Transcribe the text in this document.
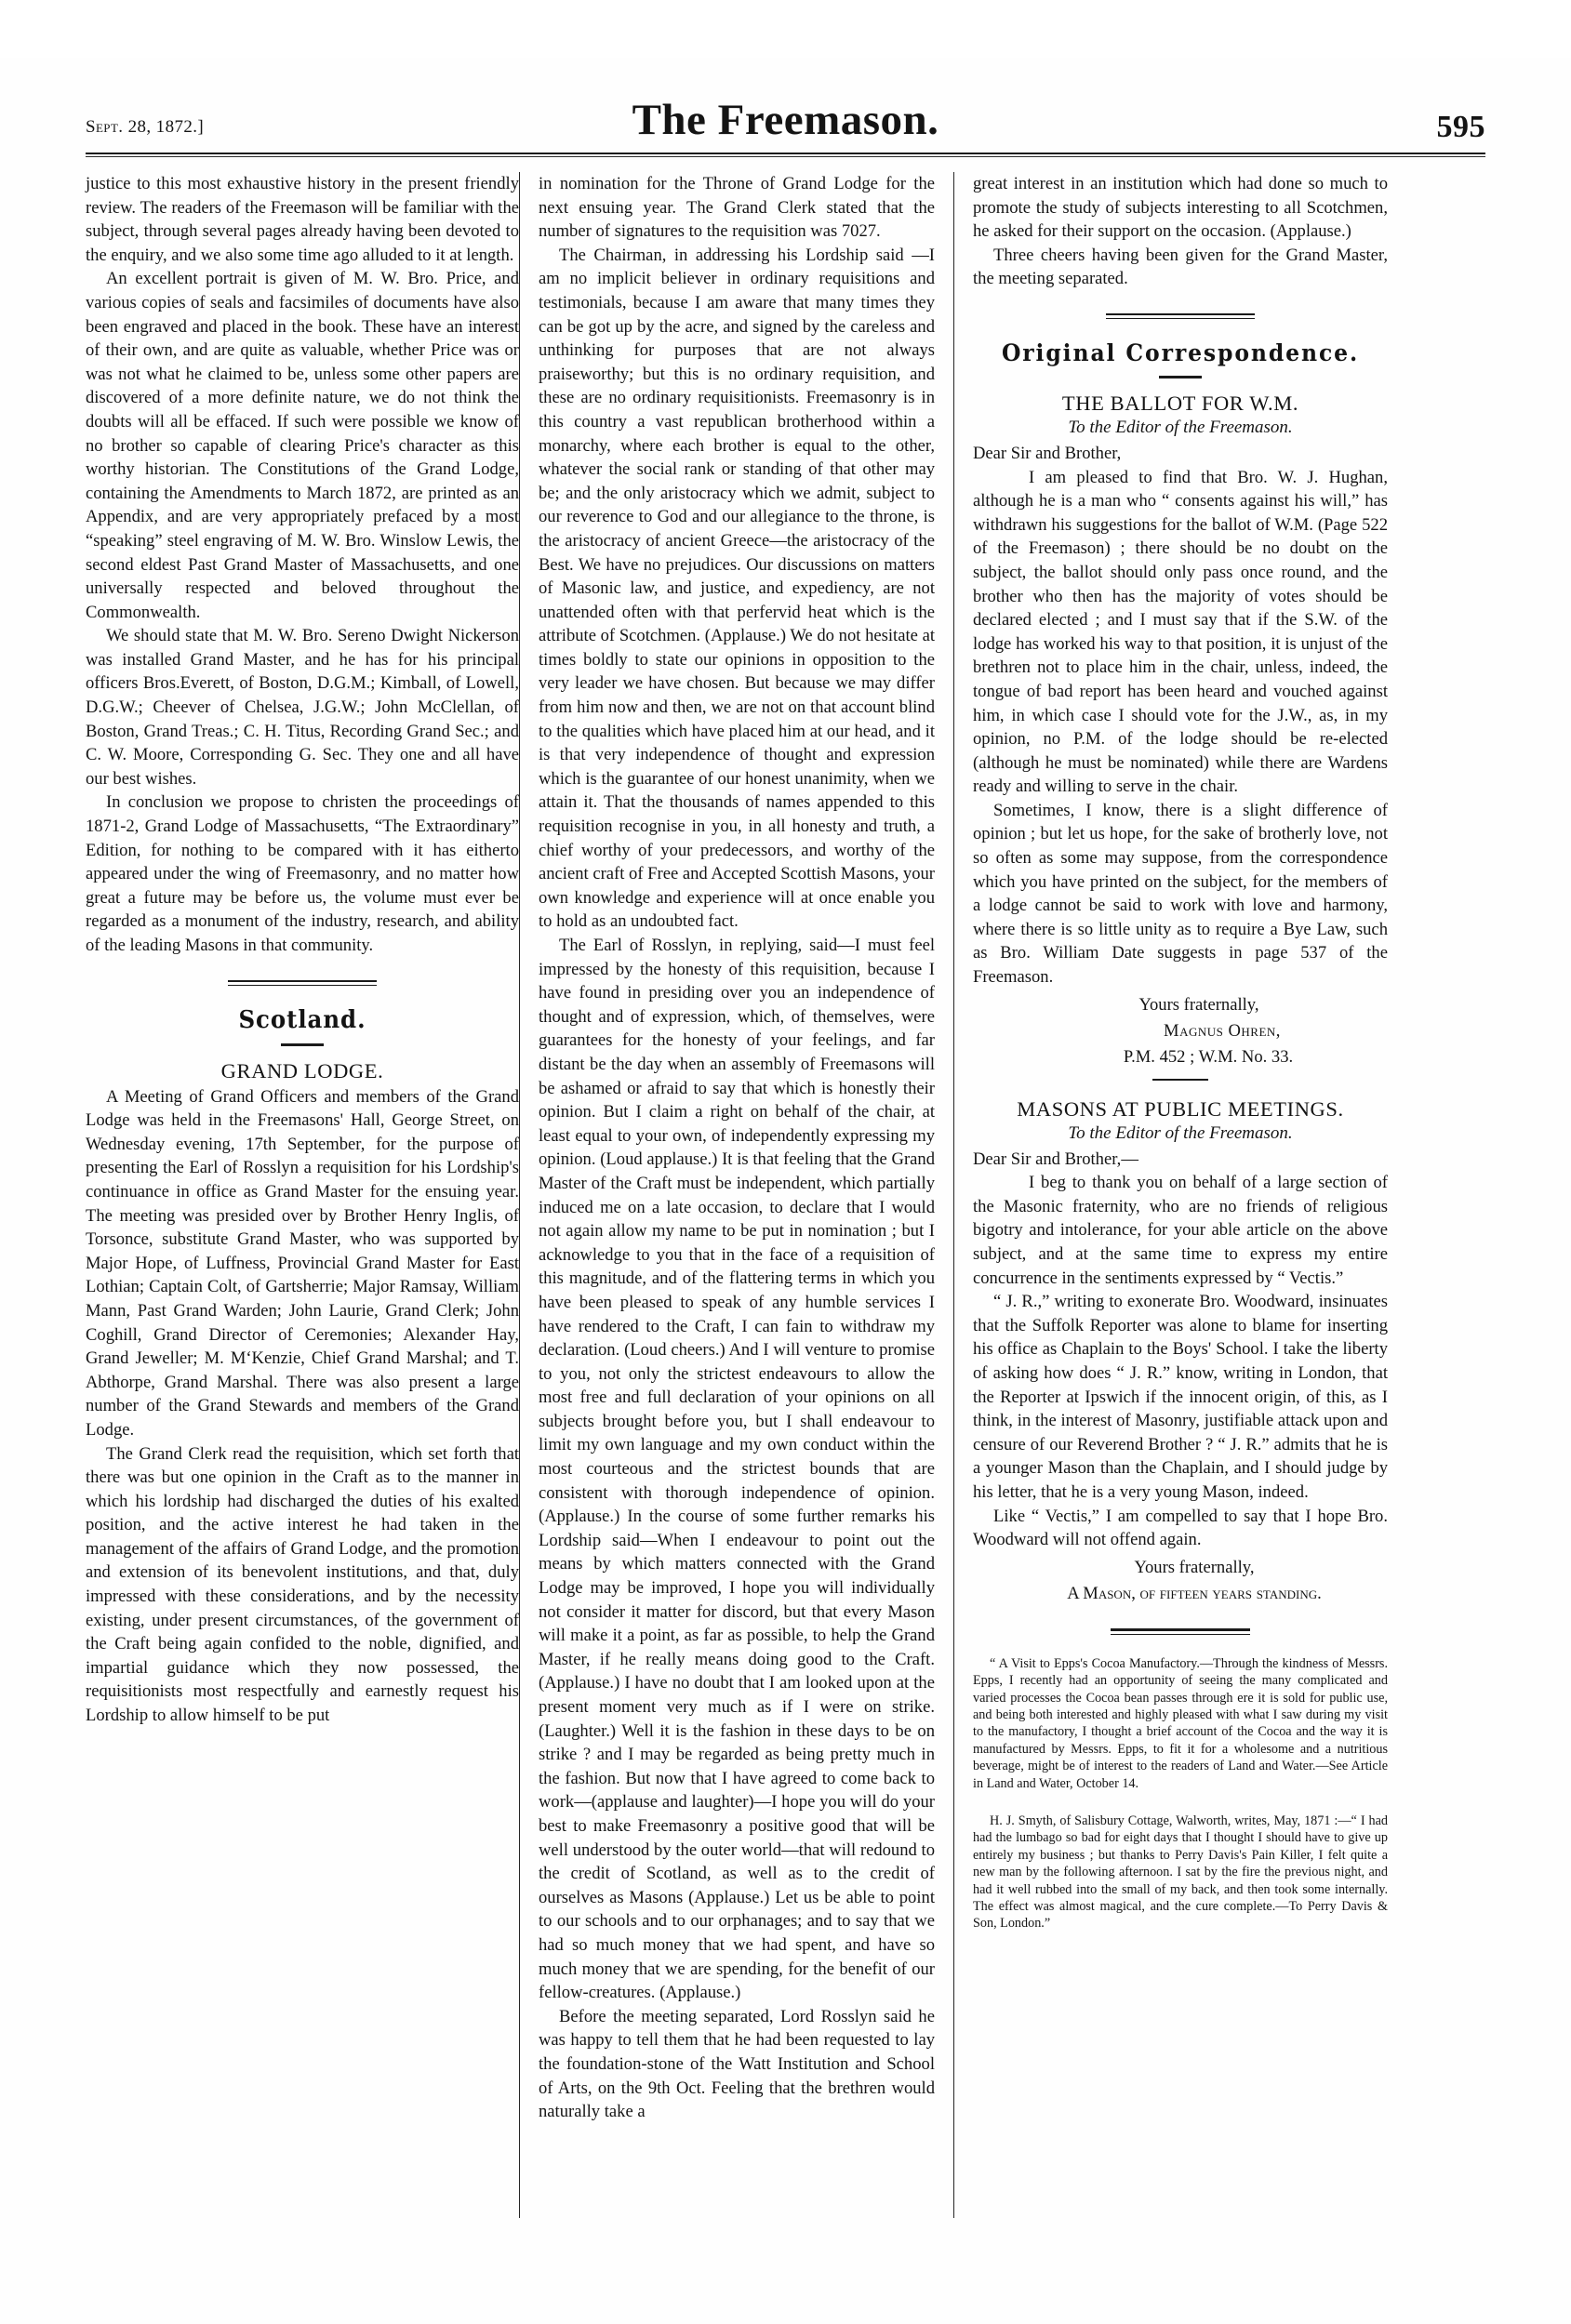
Sept. 28, 1872.]	The Freemason.	595

justice to this most exhaustive history in the present friendly review. The readers of the Freemason will be familiar with the subject, through several pages already having been devoted to the enquiry, and we also some time ago alluded to it at length.

An excellent portrait is given of M. W. Bro. Price, and various copies of seals and facsimiles of documents have also been engraved and placed in the book. These have an interest of their own, and are quite as valuable, whether Price was or was not what he claimed to be, unless some other papers are discovered of a more definite nature, we do not think the doubts will all be effaced. If such were possible we know of no brother so capable of clearing Price's character as this worthy historian. The Constitutions of the Grand Lodge, containing the Amendments to March 1872, are printed as an Appendix, and are very appropriately prefaced by a most “speaking” steel engraving of M. W. Bro. Winslow Lewis, the second eldest Past Grand Master of Massachusetts, and one universally respected and beloved throughout the Commonwealth.

We should state that M. W. Bro. Sereno Dwight Nickerson was installed Grand Master, and he has for his principal officers Bros.Everett, of Boston, D.G.M.; Kimball, of Lowell, D.G.W.; Cheever of Chelsea, J.G.W.; John McClellan, of Boston, Grand Treas.; C. H. Titus, Recording Grand Sec.; and C. W. Moore, Corresponding G. Sec. They one and all have our best wishes.

In conclusion we propose to christen the proceedings of 1871-2, Grand Lodge of Massachusetts, “The Extraordinary” Edition, for nothing to be compared with it has eitherto appeared under the wing of Freemasonry, and no matter how great a future may be before us, the volume must ever be regarded as a monument of the industry, research, and ability of the leading Masons in that community.

Scotland.
GRAND LODGE.

A Meeting of Grand Officers and members of the Grand Lodge was held in the Freemasons' Hall, George Street, on Wednesday evening, 17th September, for the purpose of presenting the Earl of Rosslyn a requisition for his Lordship's continuance in office as Grand Master for the ensuing year. The meeting was presided over by Brother Henry Inglis, of Torsonce, substitute Grand Master, who was supported by Major Hope, of Luffness, Provincial Grand Master for East Lothian; Captain Colt, of Gartsherrie; Major Ramsay, William Mann, Past Grand Warden; John Laurie, Grand Clerk; John Coghill, Grand Director of Ceremonies; Alexander Hay, Grand Jeweller; M. M‘Kenzie, Chief Grand Marshal; and T. Abthorpe, Grand Marshal. There was also present a large number of the Grand Stewards and members of the Grand Lodge.

The Grand Clerk read the requisition, which set forth that there was but one opinion in the Craft as to the manner in which his lordship had discharged the duties of his exalted position, and the active interest he had taken in the management of the affairs of Grand Lodge, and the promotion and extension of its benevolent institutions, and that, duly impressed with these considerations, and by the necessity existing, under present circumstances, of the government of the Craft being again confided to the noble, dignified, and impartial guidance which they now possessed, the requisitionists most respectfully and earnestly request his Lordship to allow himself to be put

in nomination for the Throne of Grand Lodge for the next ensuing year. The Grand Clerk stated that the number of signatures to the requisition was 7027.

The Chairman, in addressing his Lordship said —I am no implicit believer in ordinary requisitions and testimonials, because I am aware that many times they can be got up by the acre, and signed by the careless and unthinking for purposes that are not always praiseworthy; but this is no ordinary requisition, and these are no ordinary requisitionists. Freemasonry is in this country a vast republican brotherhood within a monarchy, where each brother is equal to the other, whatever the social rank or standing of that other may be; and the only aristocracy which we admit, subject to our reverence to God and our allegiance to the throne, is the aristocracy of ancient Greece—the aristocracy of the Best. We have no prejudices. Our discussions on matters of Masonic law, and justice, and expediency, are not unattended often with that perfervid heat which is the attribute of Scotchmen. (Applause.) We do not hesitate at times boldly to state our opinions in opposition to the very leader we have chosen. But because we may differ from him now and then, we are not on that account blind to the qualities which have placed him at our head, and it is that very independence of thought and expression which is the guarantee of our honest unanimity, when we attain it. That the thousands of names appended to this requisition recognise in you, in all honesty and truth, a chief worthy of your predecessors, and worthy of the ancient craft of Free and Accepted Scottish Masons, your own knowledge and experience will at once enable you to hold as an undoubted fact.

The Earl of Rosslyn, in replying, said—I must feel impressed by the honesty of this requisition, because I have found in presiding over you an independence of thought and of expression, which, of themselves, were guarantees for the honesty of your feelings, and far distant be the day when an assembly of Freemasons will be ashamed or afraid to say that which is honestly their opinion. But I claim a right on behalf of the chair, at least equal to your own, of independently expressing my opinion. (Loud applause.) It is that feeling that the Grand Master of the Craft must be independent, which partially induced me on a late occasion, to declare that I would not again allow my name to be put in nomination ; but I acknowledge to you that in the face of a requisition of this magnitude, and of the flattering terms in which you have been pleased to speak of any humble services I have rendered to the Craft, I can fain to withdraw my declaration. (Loud cheers.) And I will venture to promise to you, not only the strictest endeavours to allow the most free and full declaration of your opinions on all subjects brought before you, but I shall endeavour to limit my own language and my own conduct within the most courteous and the strictest bounds that are consistent with thorough independence of opinion. (Applause.) In the course of some further remarks his Lordship said—When I endeavour to point out the means by which matters connected with the Grand Lodge may be improved, I hope you will individually not consider it matter for discord, but that every Mason will make it a point, as far as possible, to help the Grand Master, if he really means doing good to the Craft. (Applause.) I have no doubt that I am looked upon at the present moment very much as if I were on strike. (Laughter.) Well it is the fashion in these days to be on strike ? and I may be regarded as being pretty much in the fashion. But now that I have agreed to come back to work—(applause and laughter)—I hope you will do your best to make Freemasonry a positive good that will be well understood by the outer world—that will redound to the credit of Scotland, as well as to the credit of ourselves as Masons (Applause.) Let us be able to point to our schools and to our orphanages; and to say that we had so much money that we had spent, and have so much money that we are spending, for the benefit of our fellow-creatures. (Applause.)

Before the meeting separated, Lord Rosslyn said he was happy to tell them that he had been requested to lay the foundation-stone of the Watt Institution and School of Arts, on the 9th Oct. Feeling that the brethren would naturally take a

great interest in an institution which had done so much to promote the study of subjects interesting to all Scotchmen, he asked for their support on the occasion. (Applause.)

Three cheers having been given for the Grand Master, the meeting separated.

Original Correspondence.
THE BALLOT FOR W.M.
To the Editor of the Freemason.

Dear Sir and Brother,

I am pleased to find that Bro. W. J. Hughan, although he is a man who “ consents against his will,” has withdrawn his suggestions for the ballot of W.M. (Page 522 of the Freemason) ; there should be no doubt on the subject, the ballot should only pass once round, and the brother who then has the majority of votes should be declared elected ; and I must say that if the S.W. of the lodge has worked his way to that position, it is unjust of the brethren not to place him in the chair, unless, indeed, the tongue of bad report has been heard and vouched against him, in which case I should vote for the J.W., as, in my opinion, no P.M. of the lodge should be re-elected (although he must be nominated) while there are Wardens ready and willing to serve in the chair.

Sometimes, I know, there is a slight difference of opinion ; but let us hope, for the sake of brotherly love, not so often as some may suppose, from the correspondence which you have printed on the subject, for the members of a lodge cannot be said to work with love and harmony, where there is so little unity as to require a Bye Law, such as Bro. William Date suggests in page 537 of the Freemason.

Yours fraternally,
Magnus Ohren,
P.M. 452 ; W.M. No. 33.
MASONS AT PUBLIC MEETINGS.
To the Editor of the Freemason.

Dear Sir and Brother,—

I beg to thank you on behalf of a large section of the Masonic fraternity, who are no friends of religious bigotry and intolerance, for your able article on the above subject, and at the same time to express my entire concurrence in the sentiments expressed by “ Vectis.”

“ J. R.,” writing to exonerate Bro. Woodward, insinuates that the Suffolk Reporter was alone to blame for inserting his office as Chaplain to the Boys' School. I take the liberty of asking how does “ J. R.” know, writing in London, that the Reporter at Ipswich if the innocent origin, of this, as I think, in the interest of Masonry, justifiable attack upon and censure of our Reverend Brother ? “ J. R.” admits that he is a younger Mason than the Chaplain, and I should judge by his letter, that he is a very young Mason, indeed.

Like “ Vectis,” I am compelled to say that I hope Bro. Woodward will not offend again.

Yours fraternally,
A Mason, of fifteen years standing.

“ A Visit to Epps's Cocoa Manufactory.—Through the kindness of Messrs. Epps, I recently had an opportunity of seeing the many complicated and varied processes the Cocoa bean passes through ere it is sold for public use, and being both interested and highly pleased with what I saw during my visit to the manufactory, I thought a brief account of the Cocoa and the way it is manufactured by Messrs. Epps, to fit it for a wholesome and a nutritious beverage, might be of interest to the readers of Land and Water.—See Article in Land and Water, October 14.

H. J. Smyth, of Salisbury Cottage, Walworth, writes, May, 1871 :—“ I had had the lumbago so bad for eight days that I thought I should have to give up entirely my business ; but thanks to Perry Davis's Pain Killer, I felt quite a new man by the following afternoon. I sat by the fire the previous night, and had it well rubbed into the small of my back, and then took some internally. The effect was almost magical, and the cure complete.—To Perry Davis & Son, London.”
